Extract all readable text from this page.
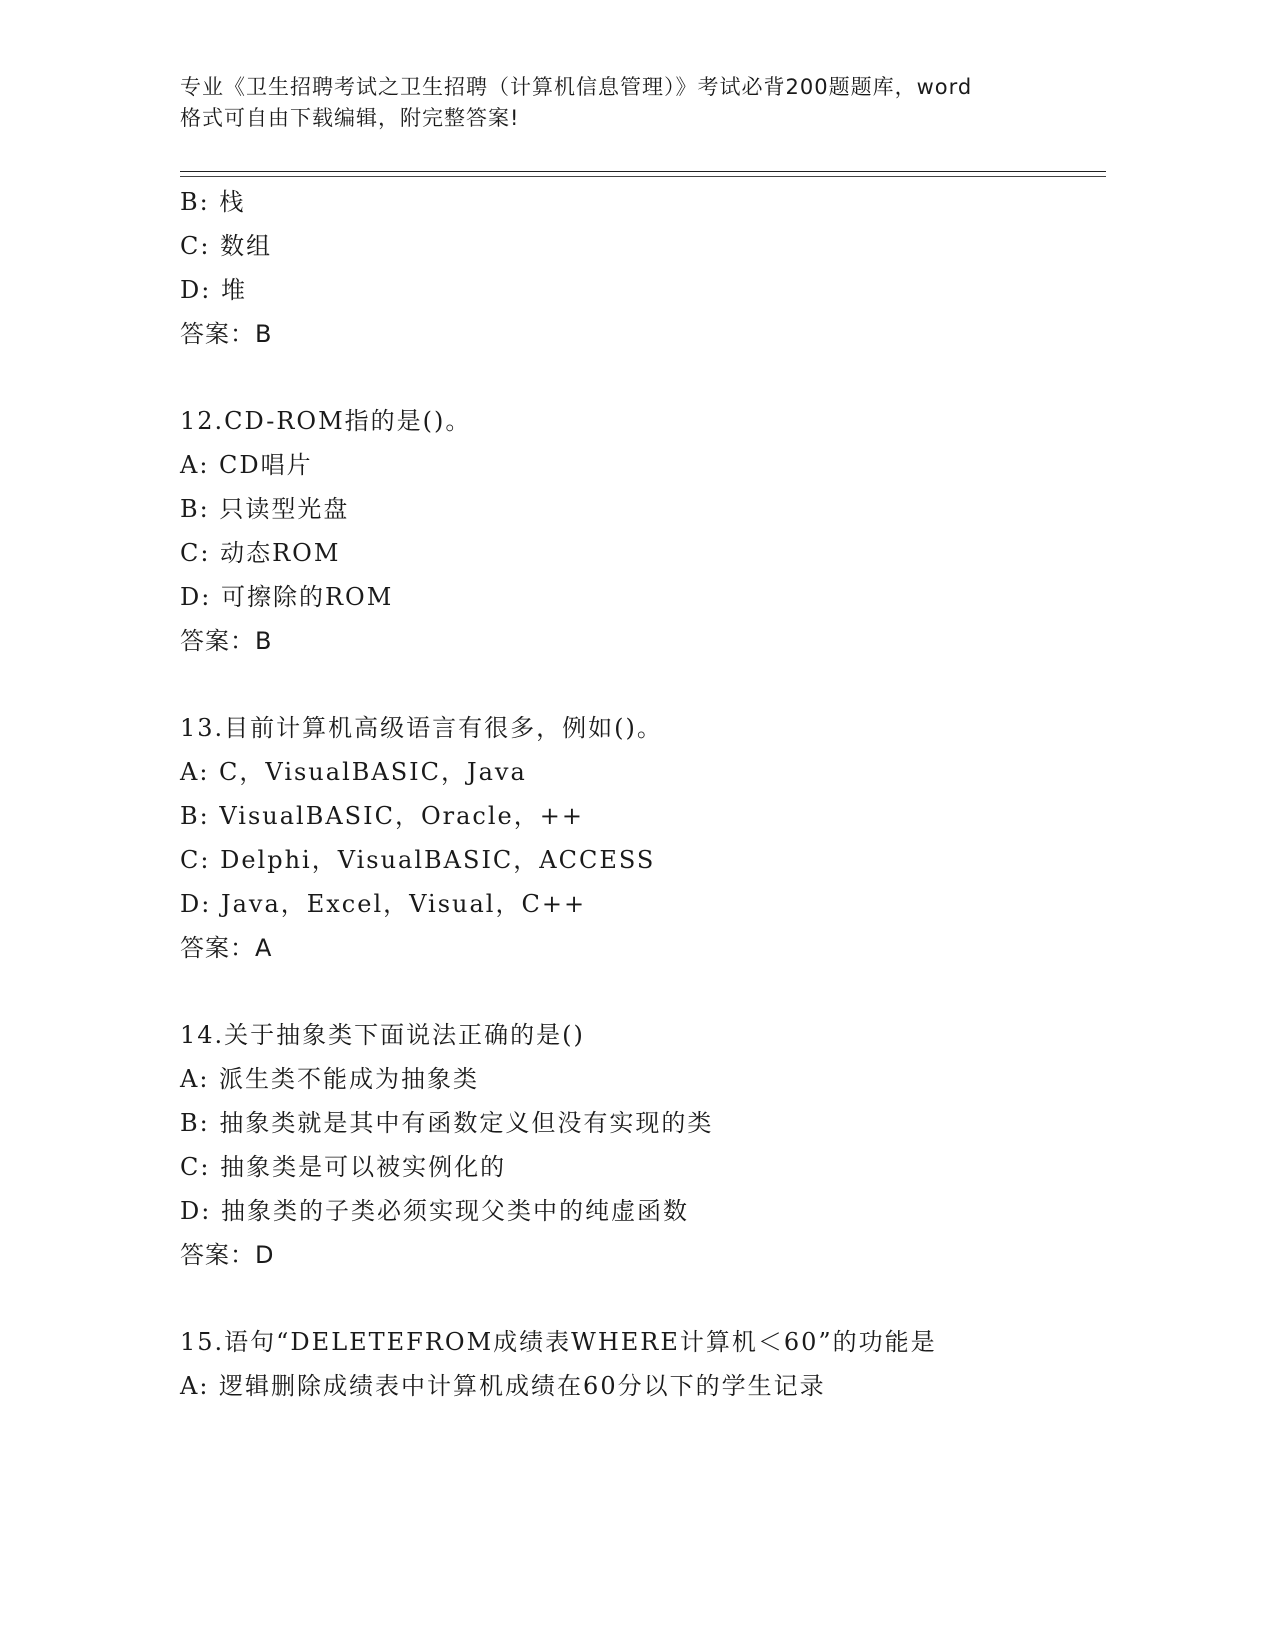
专业《卫生招聘考试之卫生招聘（计算机信息管理）》考试必背200题题库，word
格式可自由下载编辑，附完整答案!
B: 栈
C: 数组
D: 堆
答案：B
12.CD-ROM指的是()。
A: CD唱片
B: 只读型光盘
C: 动态ROM
D: 可擦除的ROM
答案：B
13.目前计算机高级语言有很多，例如()。
A: C，VisualBASIC，Java
B: VisualBASIC，Oracle，++
C: Delphi，VisualBASIC，ACCESS
D: Java，Excel，Visual，C++
答案：A
14.关于抽象类下面说法正确的是()
A: 派生类不能成为抽象类
B: 抽象类就是其中有函数定义但没有实现的类
C: 抽象类是可以被实例化的
D: 抽象类的子类必须实现父类中的纯虚函数
答案：D
15.语句“DELETEFROM成绩表WHERE计算机＜60”的功能是
A: 逻辑删除成绩表中计算机成绩在60分以下的学生记录
